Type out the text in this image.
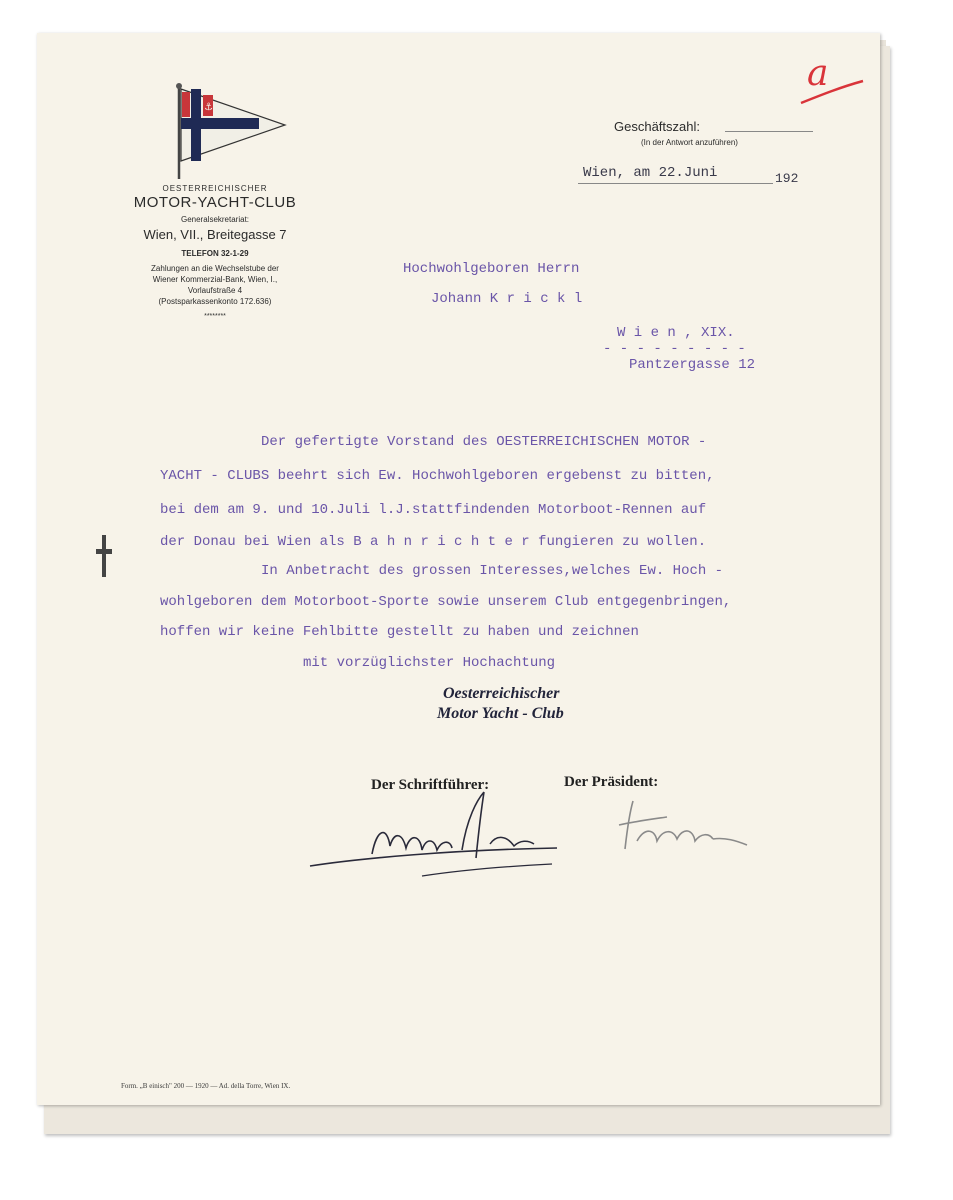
⚓
OESTERREICHISCHER
MOTOR-YACHT-CLUB
Generalsekretariat:
Wien, VII., Breitegasse 7
TELEFON 32-1-29
Zahlungen an die Wechselstube der
Wiener Kommerzial-Bank, Wien, I.,
Vorlaufstraße 4
(Postsparkassenkonto 172.636)
********
Geschäftszahl:
(In der Antwort anzuführen)
Wien, am 22.Juni	192
Hochwohlgeboren Herrn
Johann K r i c k l
W i e n , XIX.
- - - - - - - - -
Pantzergasse 12
Der gefertigte Vorstand des OESTERREICHISCHEN MOTOR -
YACHT - CLUBS beehrt sich Ew. Hochwohlgeboren ergebenst zu bitten,
bei dem am 9. und 10.Juli l.J.stattfindenden Motorboot-Rennen auf
der Donau bei Wien als B a h n r i c h t e r fungieren zu wollen.
In Anbetracht des grossen Interesses,welches Ew. Hoch -
wohlgeboren dem Motorboot-Sporte sowie unserem Club entgegenbringen,
hoffen wir keine Fehlbitte gestellt zu haben und zeichnen
mit vorzüglichster Hochachtung
Oesterreichischer
Motor Yacht - Club
Der Schriftführer:	Der Präsident:
a
Form. „B einisch" 200 — 1920 — Ad. della Torre, Wien IX.
